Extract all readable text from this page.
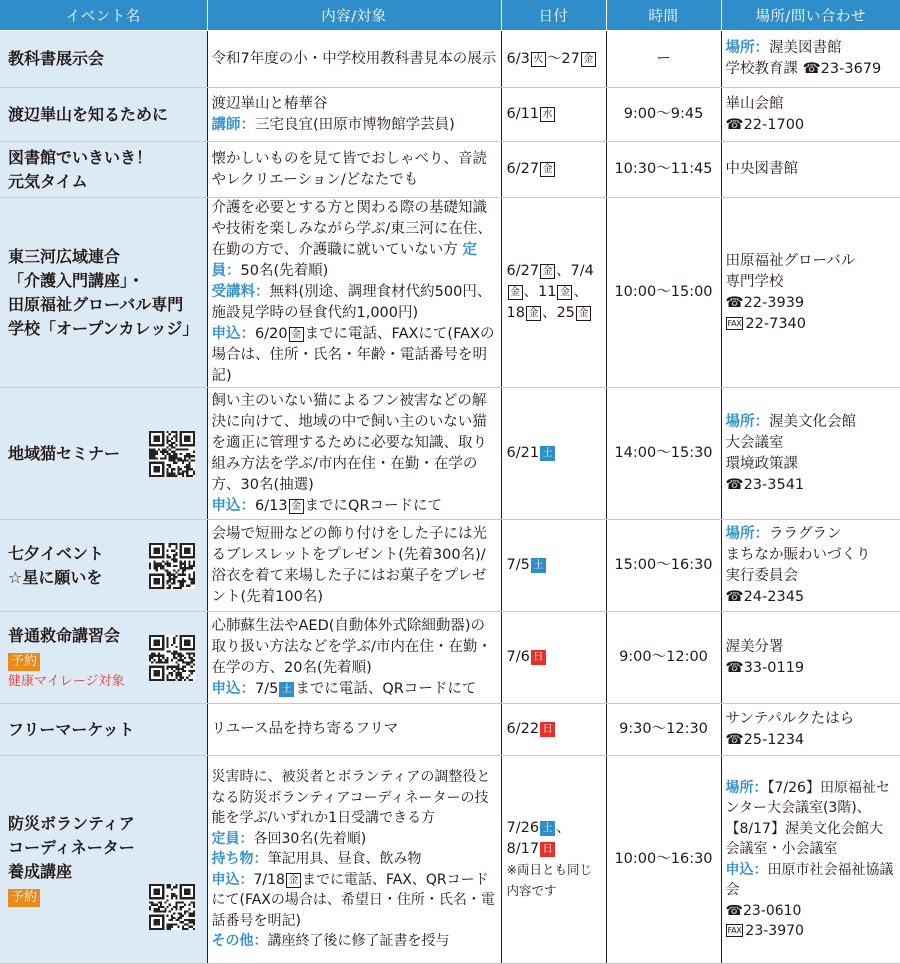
イベント名	内容/対象	日付	時間	場所/問い合わせ
教科書展示会	令和7年度の小・中学校用教科書見本の展示	6/3 火 ～27 金	ー	場所：渥美図書館
学校教育課 ☎23-3679
渡辺崋山を知るために	渡辺崋山と椿華谷
講師：三宅良宜(田原市博物館学芸員)	6/11 水	9:00～9:45	崋山会館
☎22-1700

図書館でいきいき！
元気タイム	懐かしいものを見て皆でおしゃべり、音読やレクリエーション/どなたでも	6/27 金	10:30～11:45	中央図書館

東三河広域連合
「介護入門講座」・
田原福祉グローバル専門
学校「オープンカレッジ」	介護を必要とする方と関わる際の基礎知識や技術を楽しみながら学ぶ/東三河に在住、在勤の方で、介護職に就いていない方 定員：50名(先着順)
受講料：無料(別途、調理食材代約500円、施設見学時の昼食代約1,000円)
申込：6/20 金 までに電話、FAXにて(FAXの場合は、住所・氏名・年齢・電話番号を明記)	6/27 金 、7/4金 、11 金 、18 金 、25 金	10:00～15:00	田原福祉グローバル
専門学校
☎22-3939
FAX 22-7340
地域猫セミナー	飼い主のいない猫によるフン被害などの解決に向けて、地域の中で飼い主のいない猫を適正に管理するために必要な知識、取り組み方法を学ぶ/市内在住・在勤・在学の方、30名(抽選)
申込：6/13 金 までにQRコードにて	6/21 土	14:00～15:30	場所：渥美文化会館
大会議室
環境政策課
☎23-3541

七夕イベント
☆星に願いを	会場で短冊などの飾り付けをした子には光るブレスレットをプレゼント(先着300名)/浴衣を着て来場した子にはお菓子をプレゼント(先着100名)	7/5 土	15:00～16:30	場所：ララグラン
まちなか賑わいづくり
実行委員会
☎24-2345

普通救命講習会
予約
健康マイレージ対象	心肺蘇生法やAED(自動体外式除細動器)の取り扱い方法などを学ぶ/市内在住・在勤・在学の方、20名(先着順)
申込：7/5 土 までに電話、QRコードにて	7/6 日	9:00～12:00	渥美分署
☎33-0119
フリーマーケット	リユース品を持ち寄るフリマ	6/22 日	9:30～12:30	サンテパルクたはら
☎25-1234

防災ボランティア
コーディネーター
養成講座
予約	災害時に、被災者とボランティアの調整役となる防災ボランティアコーディネーターの技能を学ぶ/いずれか1日受講できる方
定員：各回30名(先着順)
持ち物：筆記用具、昼食、飲み物
申込：7/18 金 までに電話、FAX、QRコードにて(FAXの場合は、希望日・住所・氏名・電話番号を明記)
その他：講座終了後に修了証書を授与	7/26 土 、
8/17 日
※両日とも同じ内容です	10:00～16:30	場所：【7/26】田原福祉センター大会議室(3階)、【8/17】渥美文化会館大会議室・小会議室
申込：田原市社会福祉協議会
☎23-0610
FAX 23-3970
